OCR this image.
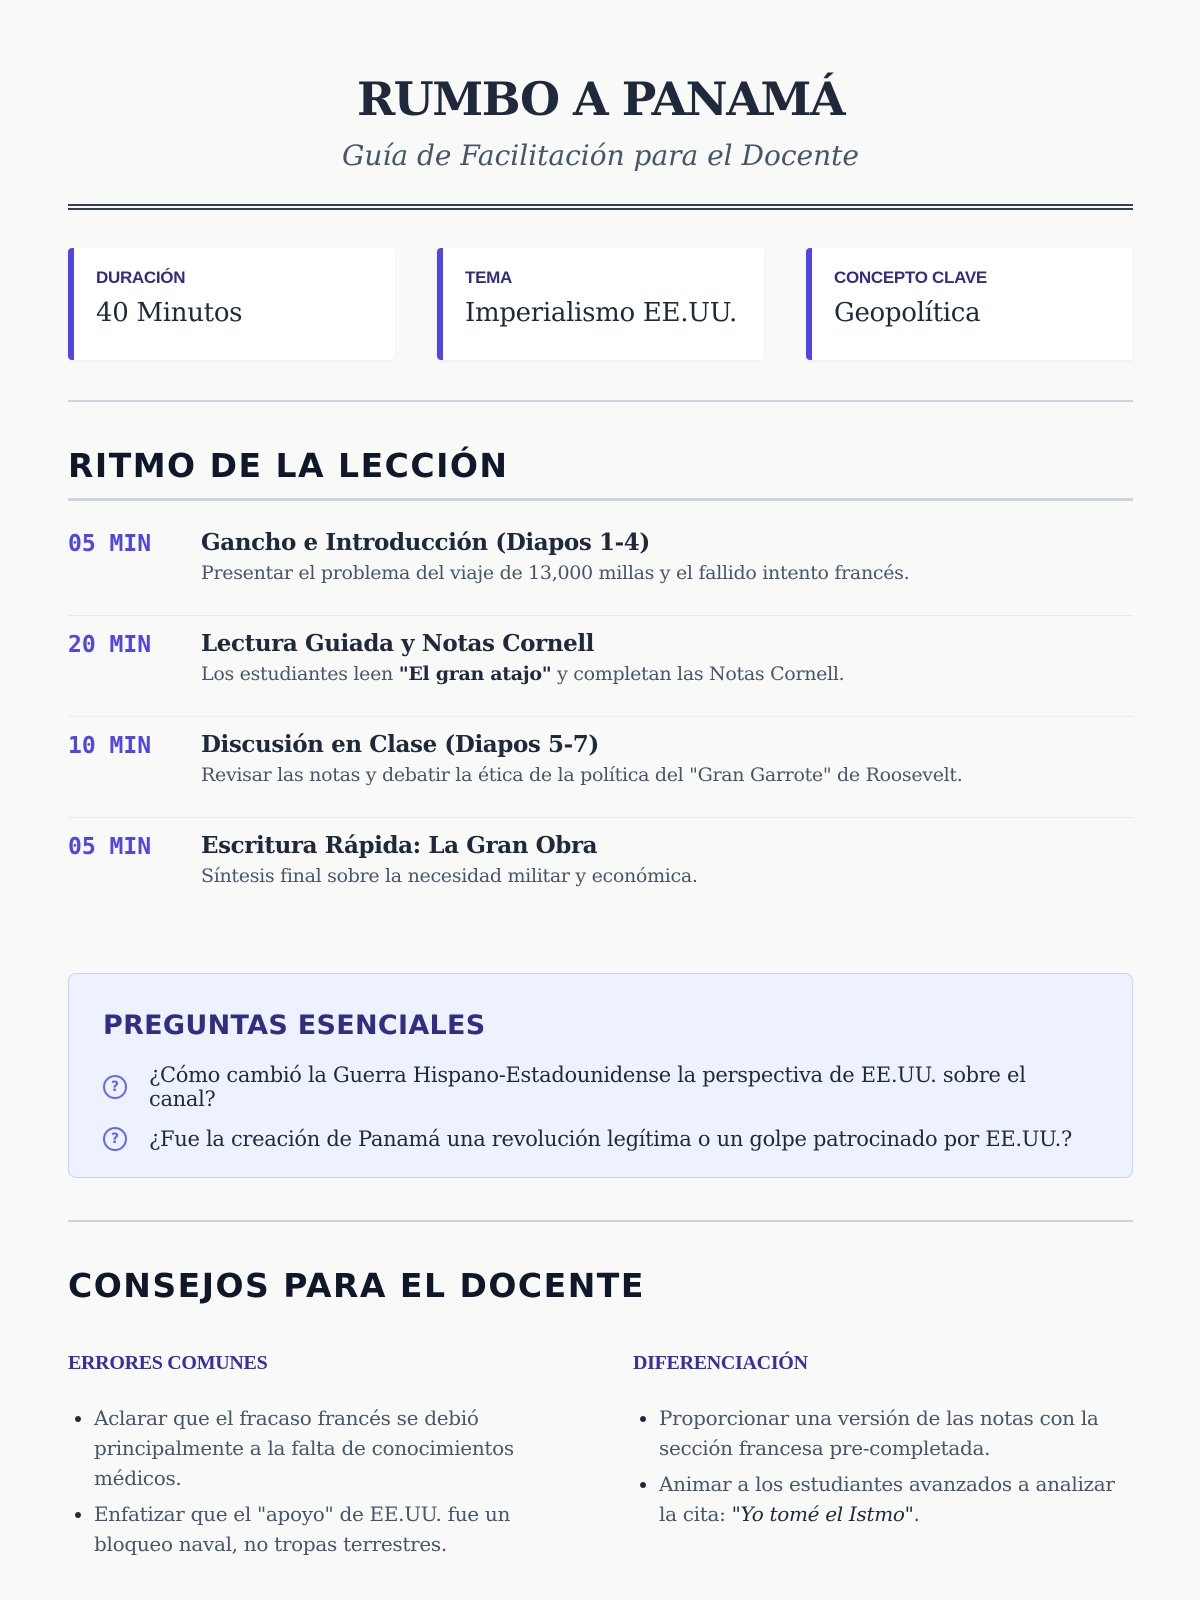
RUMBO A PANAMÁ
Guía de Facilitación para el Docente
DURACIÓN
40 Minutos
TEMA
Imperialismo EE.UU.
CONCEPTO CLAVE
Geopolítica
RITMO DE LA LECCIÓN
05 MIN	Gancho e Introducción (Diapos 1-4)
Presentar el problema del viaje de 13,000 millas y el fallido intento francés.
20 MIN	Lectura Guiada y Notas Cornell
Los estudiantes leen "El gran atajo" y completan las Notas Cornell.
10 MIN	Discusión en Clase (Diapos 5-7)
Revisar las notas y debatir la ética de la política del "Gran Garrote" de Roosevelt.
05 MIN	Escritura Rápida: La Gran Obra
Síntesis final sobre la necesidad militar y económica.
PREGUNTAS ESENCIALES
?	¿Cómo cambió la Guerra Hispano-Estadounidense la perspectiva de EE.UU. sobre el canal?
?	¿Fue la creación de Panamá una revolución legítima o un golpe patrocinado por EE.UU.?
CONSEJOS PARA EL DOCENTE
ERRORES COMUNES
• Aclarar que el fracaso francés se debió principalmente a la falta de conocimientos médicos.
• Enfatizar que el "apoyo" de EE.UU. fue un bloqueo naval, no tropas terrestres.
DIFERENCIACIÓN
• Proporcionar una versión de las notas con la sección francesa pre-completada.
• Animar a los estudiantes avanzados a analizar la cita: "Yo tomé el Istmo".
